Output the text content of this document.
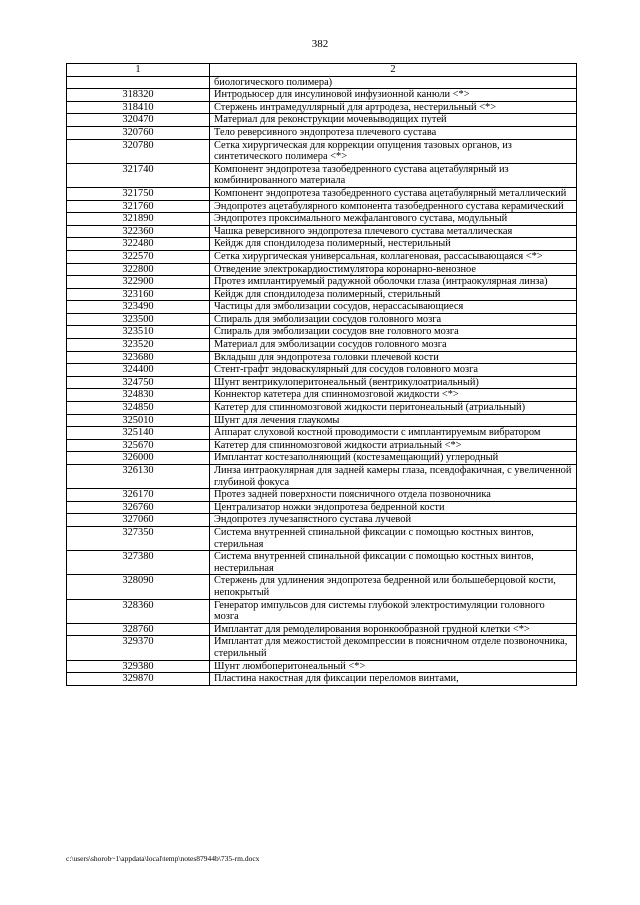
382
1	2
	биологического полимера)
318320	Интродьюсер для инсулиновой инфузионной канюли <*>
318410	Стержень интрамедуллярный для артродеза, нестерильный <*>
320470	Материал для реконструкции мочевыводящих путей
320760	Тело реверсивного эндопротеза плечевого сустава
320780	Сетка хирургическая для коррекции опущения тазовых органов, из синтетического полимера <*>
321740	Компонент эндопротеза тазобедренного сустава ацетабулярный из комбинированного материала
321750	Компонент эндопротеза тазобедренного сустава ацетабулярный металлический
321760	Эндопротез ацетабулярного компонента тазобедренного сустава керамический
321890	Эндопротез проксимального межфалангового сустава, модульный
322360	Чашка реверсивного эндопротеза плечевого сустава металлическая
322480	Кейдж для спондилодеза полимерный, нестерильный
322570	Сетка хирургическая универсальная, коллагеновая, рассасывающаяся <*>
322800	Отведение электрокардиостимулятора коронарно-венозное
322900	Протез имплантируемый радужной оболочки глаза (интраокулярная линза)
323160	Кейдж для спондилодеза полимерный, стерильный
323490	Частицы для эмболизации сосудов, нерассасывающиеся
323500	Спираль для эмболизации сосудов головного мозга
323510	Спираль для эмболизации сосудов вне головного мозга
323520	Материал для эмболизации сосудов головного мозга
323680	Вкладыш для эндопротеза головки плечевой кости
324400	Стент-графт эндоваскулярный для сосудов головного мозга
324750	Шунт вентрикулоперитонеальный (вентрикулоатриальный)
324830	Коннектор катетера для спинномозговой жидкости <*>
324850	Катетер для спинномозговой жидкости перитонеальный (атриальный)
325010	Шунт для лечения глаукомы
325140	Аппарат слуховой костной проводимости с имплантируемым вибратором
325670	Катетер для спинномозговой жидкости атриальный <*>
326000	Имплантат костезаполняющий (костезамещающий) углеродный
326130	Линза интраокулярная для задней камеры глаза, псевдофакичная, с увеличенной глубиной фокуса
326170	Протез задней поверхности поясничного отдела позвоночника
326760	Централизатор ножки эндопротеза бедренной кости
327060	Эндопротез лучезапястного сустава лучевой
327350	Система внутренней спинальной фиксации с помощью костных винтов, стерильная
327380	Система внутренней спинальной фиксации с помощью костных винтов, нестерильная
328090	Стержень для удлинения эндопротеза бедренной или большеберцовой кости, непокрытый
328360	Генератор импульсов для системы глубокой электростимуляции головного мозга
328760	Имплантат для ремоделирования воронкообразной грудной клетки <*>
329370	Имплантат для межостистой декомпрессии в поясничном отделе позвоночника, стерильный
329380	Шунт люмбоперитонеальный <*>
329870	Пластина накостная для фиксации переломов винтами,
c:\users\shorob~1\appdata\local\temp\notes87944b\735-rm.docx
